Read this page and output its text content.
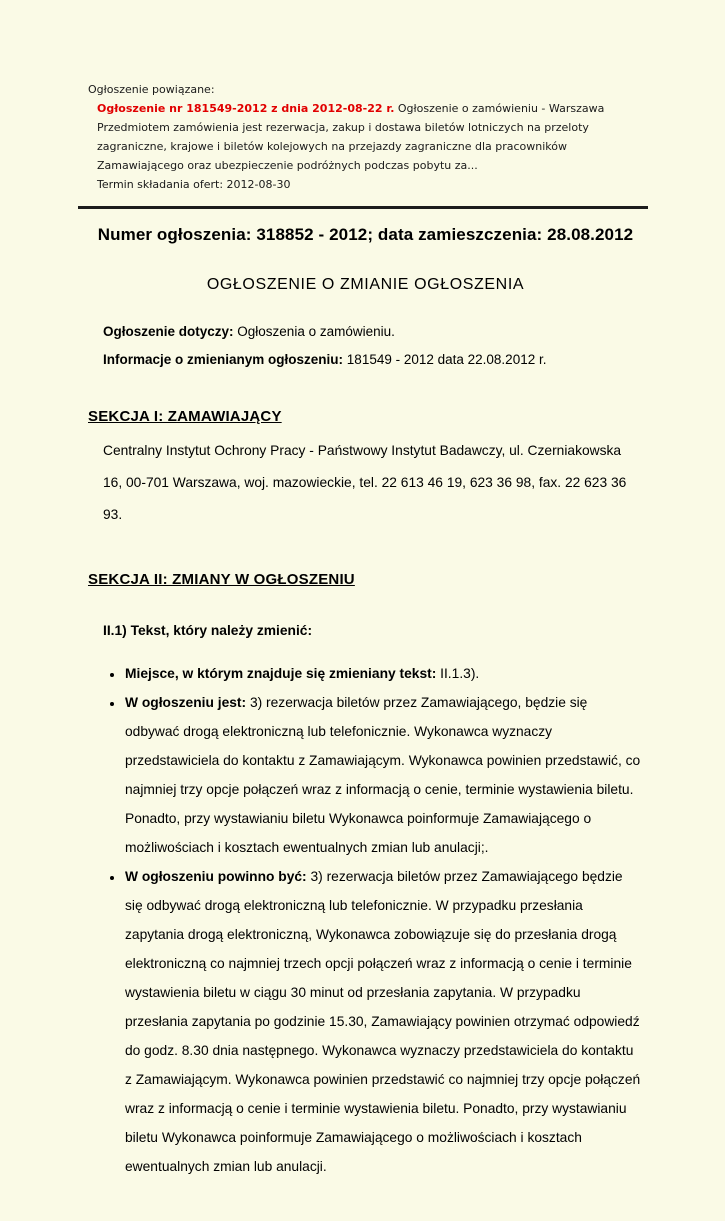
Ogłoszenie powiązane:
Ogłoszenie nr 181549-2012 z dnia 2012-08-22 r. Ogłoszenie o zamówieniu - Warszawa
Przedmiotem zamówienia jest rezerwacja, zakup i dostawa biletów lotniczych na przeloty zagraniczne, krajowe i biletów kolejowych na przejazdy zagraniczne dla pracowników Zamawiającego oraz ubezpieczenie podróżnych podczas pobytu za...
Termin składania ofert: 2012-08-30
Numer ogłoszenia: 318852 - 2012; data zamieszczenia: 28.08.2012
OGŁOSZENIE O ZMIANIE OGŁOSZENIA

Ogłoszenie dotyczy: Ogłoszenia o zamówieniu.

Informacje o zmienianym ogłoszeniu: 181549 - 2012 data 22.08.2012 r.

SEKCJA I: ZAMAWIAJĄCY

Centralny Instytut Ochrony Pracy - Państwowy Instytut Badawczy, ul. Czerniakowska 16, 00-701 Warszawa, woj. mazowieckie, tel. 22 613 46 19, 623 36 98, fax. 22 623 36 93.

SEKCJA II: ZMIANY W OGŁOSZENIU

II.1) Tekst, który należy zmienić:

• Miejsce, w którym znajduje się zmieniany tekst: II.1.3).
• W ogłoszeniu jest: 3) rezerwacja biletów przez Zamawiającego, będzie się odbywać drogą elektroniczną lub telefonicznie. Wykonawca wyznaczy przedstawiciela do kontaktu z Zamawiającym. Wykonawca powinien przedstawić, co najmniej trzy opcje połączeń wraz z informacją o cenie, terminie wystawienia biletu. Ponadto, przy wystawianiu biletu Wykonawca poinformuje Zamawiającego o możliwościach i kosztach ewentualnych zmian lub anulacji;.
• W ogłoszeniu powinno być: 3) rezerwacja biletów przez Zamawiającego będzie się odbywać drogą elektroniczną lub telefonicznie. W przypadku przesłania zapytania drogą elektroniczną, Wykonawca zobowiązuje się do przesłania drogą elektroniczną co najmniej trzech opcji połączeń wraz z informacją o cenie i terminie wystawienia biletu w ciągu 30 minut od przesłania zapytania. W przypadku przesłania zapytania po godzinie 15.30, Zamawiający powinien otrzymać odpowiedź do godz. 8.30 dnia następnego. Wykonawca wyznaczy przedstawiciela do kontaktu z Zamawiającym. Wykonawca powinien przedstawić co najmniej trzy opcje połączeń wraz z informacją o cenie i terminie wystawienia biletu. Ponadto, przy wystawianiu biletu Wykonawca poinformuje Zamawiającego o możliwościach i kosztach ewentualnych zmian lub anulacji.
